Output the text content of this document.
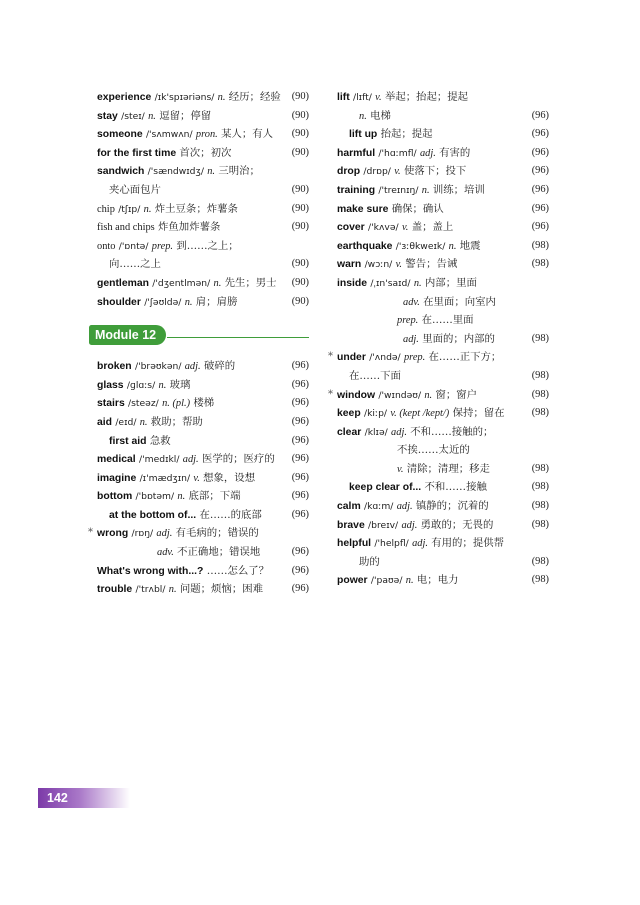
experience /ɪk'spɪəriəns/ n. 经历；经验 (90)
stay /steɪ/ n. 逗留；停留	(90)
someone /'sʌmwʌn/ pron. 某人；有人 (90)
for the first time 首次；初次	(90)
sandwich /'sændwɪdʒ/ n. 三明治；
夹心面包片	(90)
chip /tʃɪp/ n. 炸土豆条；炸薯条	(90)
fish and chips 炸鱼加炸薯条	(90)
onto /'ɒntə/ prep. 到……之上；
向……之上	(90)
gentleman /'dʒentlmən/ n. 先生；男士 (90)
shoulder /'ʃəʊldə/ n. 肩；肩膀	(90)
Module 12
broken /'brəʊkən/ adj. 破碎的	(96)
glass /ɡlɑːs/ n. 玻璃	(96)
stairs /steəz/ n. (pl.) 楼梯	(96)
aid /eɪd/ n. 救助；帮助	(96)
first aid 急救	(96)
medical /'medɪkl/ adj. 医学的；医疗的 (96)
imagine /ɪ'mædʒɪn/ v. 想象，设想	(96)
bottom /'bɒtəm/ n. 底部；下端	(96)
at the bottom of... 在……的底部	(96)
* wrong /rɒŋ/ adj. 有毛病的；错误的
adv. 不正确地；错误地	(96)
What's wrong with...? ……怎么了？ (96)
trouble /'trʌbl/ n. 问题；烦恼；困难	(96)
lift /lɪft/ v. 举起；抬起；提起
n. 电梯	(96)
lift up 抬起；提起	(96)
harmful /'hɑːmfl/ adj. 有害的	(96)
drop /drɒp/ v. 使落下；投下	(96)
training /'treɪnɪŋ/ n. 训练；培训	(96)
make sure 确保；确认	(96)
cover /'kʌvə/ v. 盖；盖上	(96)
earthquake /'ɜːθkweɪk/ n. 地震	(98)
warn /wɔːn/ v. 警告；告诫	(98)
inside /ˌɪn'saɪd/ n. 内部；里面
adv. 在里面；向室内
prep. 在……里面
adj. 里面的；内部的	(98)
* under /'ʌndə/ prep. 在……正下方；
在……下面	(98)
* window /'wɪndəʊ/ n. 窗；窗户	(98)
keep /kiːp/ v. (kept /kept/) 保持；留在	(98)
clear /klɪə/ adj. 不和……接触的；
不挨……太近的
v. 清除；清理；移走	(98)
keep clear of... 不和……接触	(98)
calm /kɑːm/ adj. 镇静的；沉着的	(98)
brave /breɪv/ adj. 勇敢的；无畏的	(98)
helpful /'helpfl/ adj. 有用的；提供帮
助的	(98)
power /'paʊə/ n. 电；电力	(98)
142
